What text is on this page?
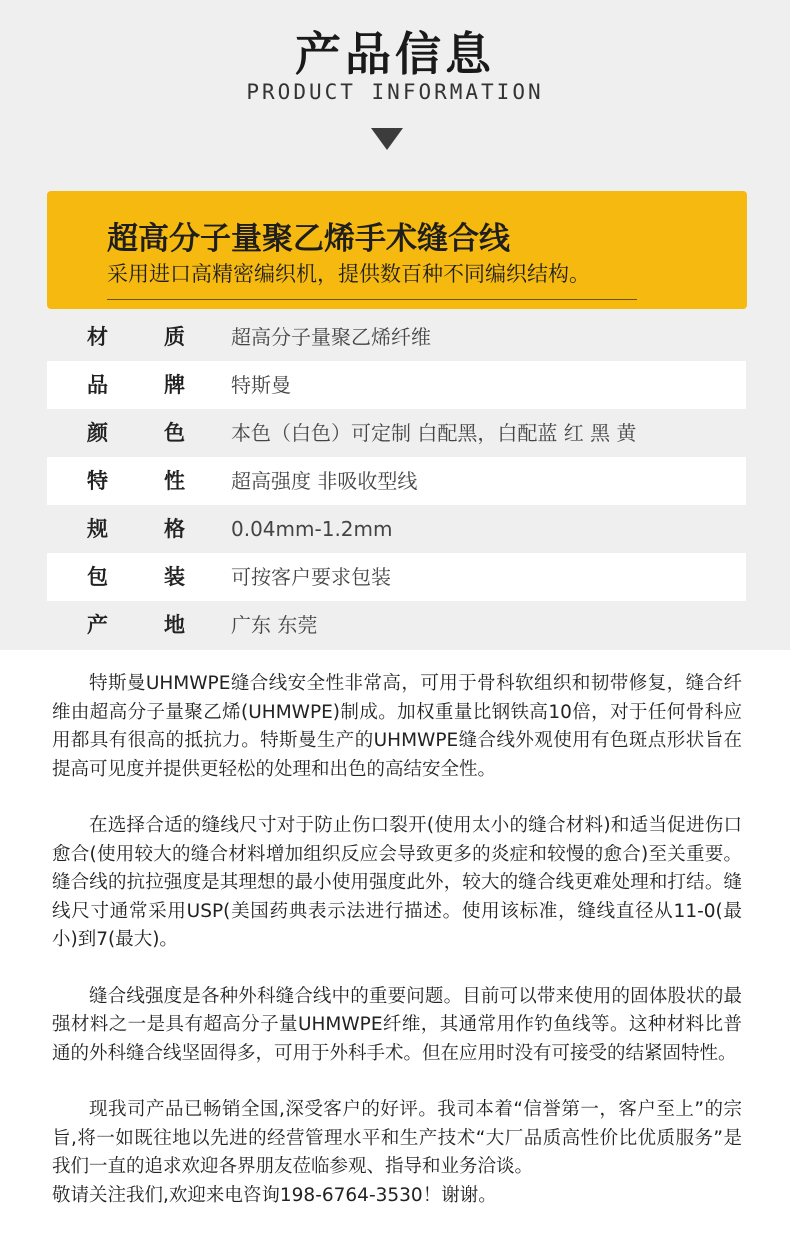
产品信息
PRODUCT INFORMATION
超高分子量聚乙烯手术缝合线
采用进口高精密编织机，提供数百种不同编织结构。
材	质 超高分子量聚乙烯纤维
品	牌 特斯曼
颜	色 本色（白色）可定制 白配黑，白配蓝 红 黑 黄
特	性 超高强度 非吸收型线
规	格 0.04mm-1.2mm
包	装 可按客户要求包装
产	地 广东 东莞

特斯曼UHMWPE缝合线安全性非常高，可用于骨科软组织和韧带修复，缝合纤维由超高分子量聚乙烯(UHMWPE)制成。加权重量比钢铁高10倍，对于任何骨科应用都具有很高的抵抗力。特斯曼生产的UHMWPE缝合线外观使用有色斑点形状旨在提高可见度并提供更轻松的处理和出色的高结安全性。

在选择合适的缝线尺寸对于防止伤口裂开(使用太小的缝合材料)和适当促进伤口愈合(使用较大的缝合材料增加组织反应会导致更多的炎症和较慢的愈合)至关重要。缝合线的抗拉强度是其理想的最小使用强度此外，较大的缝合线更难处理和打结。缝线尺寸通常采用USP(美国药典表示法进行描述。使用该标准，缝线直径从11-0(最小)到7(最大)。

缝合线强度是各种外科缝合线中的重要问题。目前可以带来使用的固体股状的最强材料之一是具有超高分子量UHMWPE纤维，其通常用作钓鱼线等。这种材料比普通的外科缝合线坚固得多，可用于外科手术。但在应用时没有可接受的结紧固特性。

现我司产品已畅销全国,深受客户的好评。我司本着“信誉第一，客户至上”的宗旨,将一如既往地以先进的经营管理水平和生产技术“大厂品质高性价比优质服务”是我们一直的追求欢迎各界朋友莅临参观、指导和业务洽谈。

敬请关注我们,欢迎来电咨询198-6764-3530！谢谢。
